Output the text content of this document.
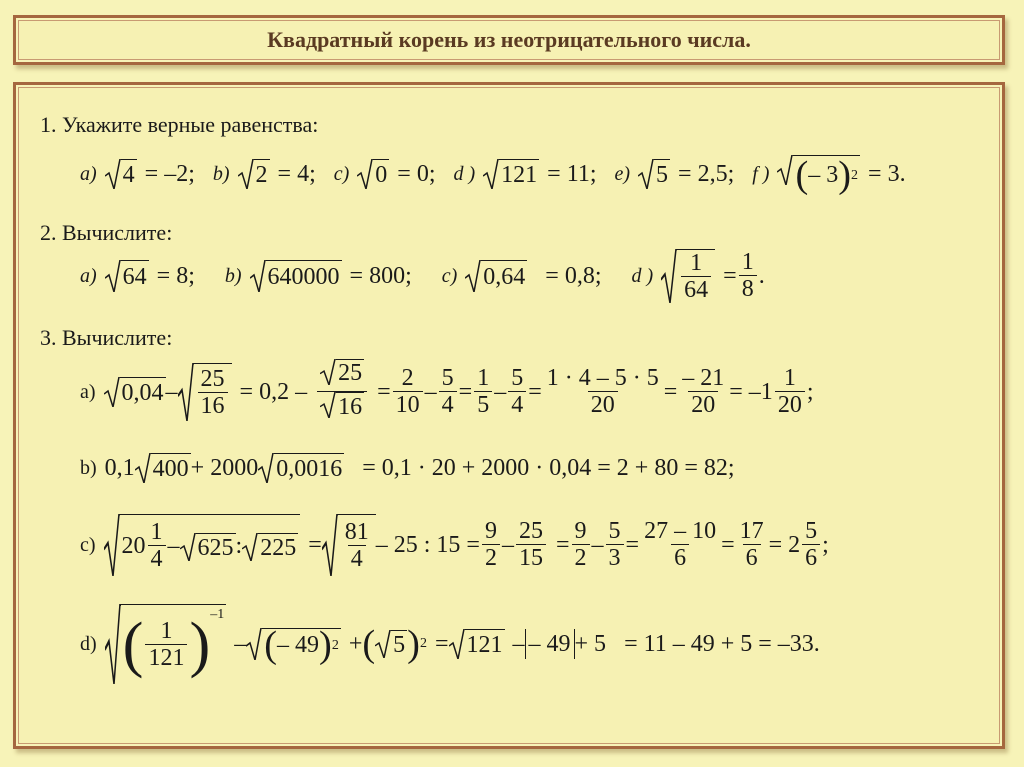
Квадратный корень из неотрицательного числа.
1. Укажите верные равенства:
a) 4 = –2; b) 2 = 4; c) 0 = 0; d ) 121 = 11; e) 5 = 2,5; f ) ( – 3 ) 2 = 3.
2. Вычислите:
a) 64 = 8; b) 640000 = 800; c) 0,64 = 0,8; d ) $\frac{1}{64} = \frac{1}{8}$ .
3. Вычислите:
a) $0,04 - \frac{25}{16} = 0,2 - \frac{25}{16} = \frac{2}{10} - \frac{5}{4} = \frac{1}{5} - \frac{5}{4} = \frac{1 \cdot 4 - 5 \cdot 5}{20} = \frac{- 21}{20} = -1 \frac{1}{20}$ ;
b) 0,1 400 + 2000 0,0016 = 0,1 · 20 + 2000 · 0,04 = 2 + 80 = 82;
c) $20 \frac{1}{4} - 625$ : $225 = \frac{81}{4} - 25$ : $15 = \frac{9}{2} - \frac{25}{15} = \frac{9}{2} - \frac{5}{3} = \frac{27 - 10}{6} = \frac{17}{6} = 2 \frac{5}{6}$ ;
d) ( $\frac{1}{121} )^{-1}$
– ( – 49 ) 2 + ( 5 ) 2 = 121 – – 49 + 5 = 11 – 49 + 5 = –33.
